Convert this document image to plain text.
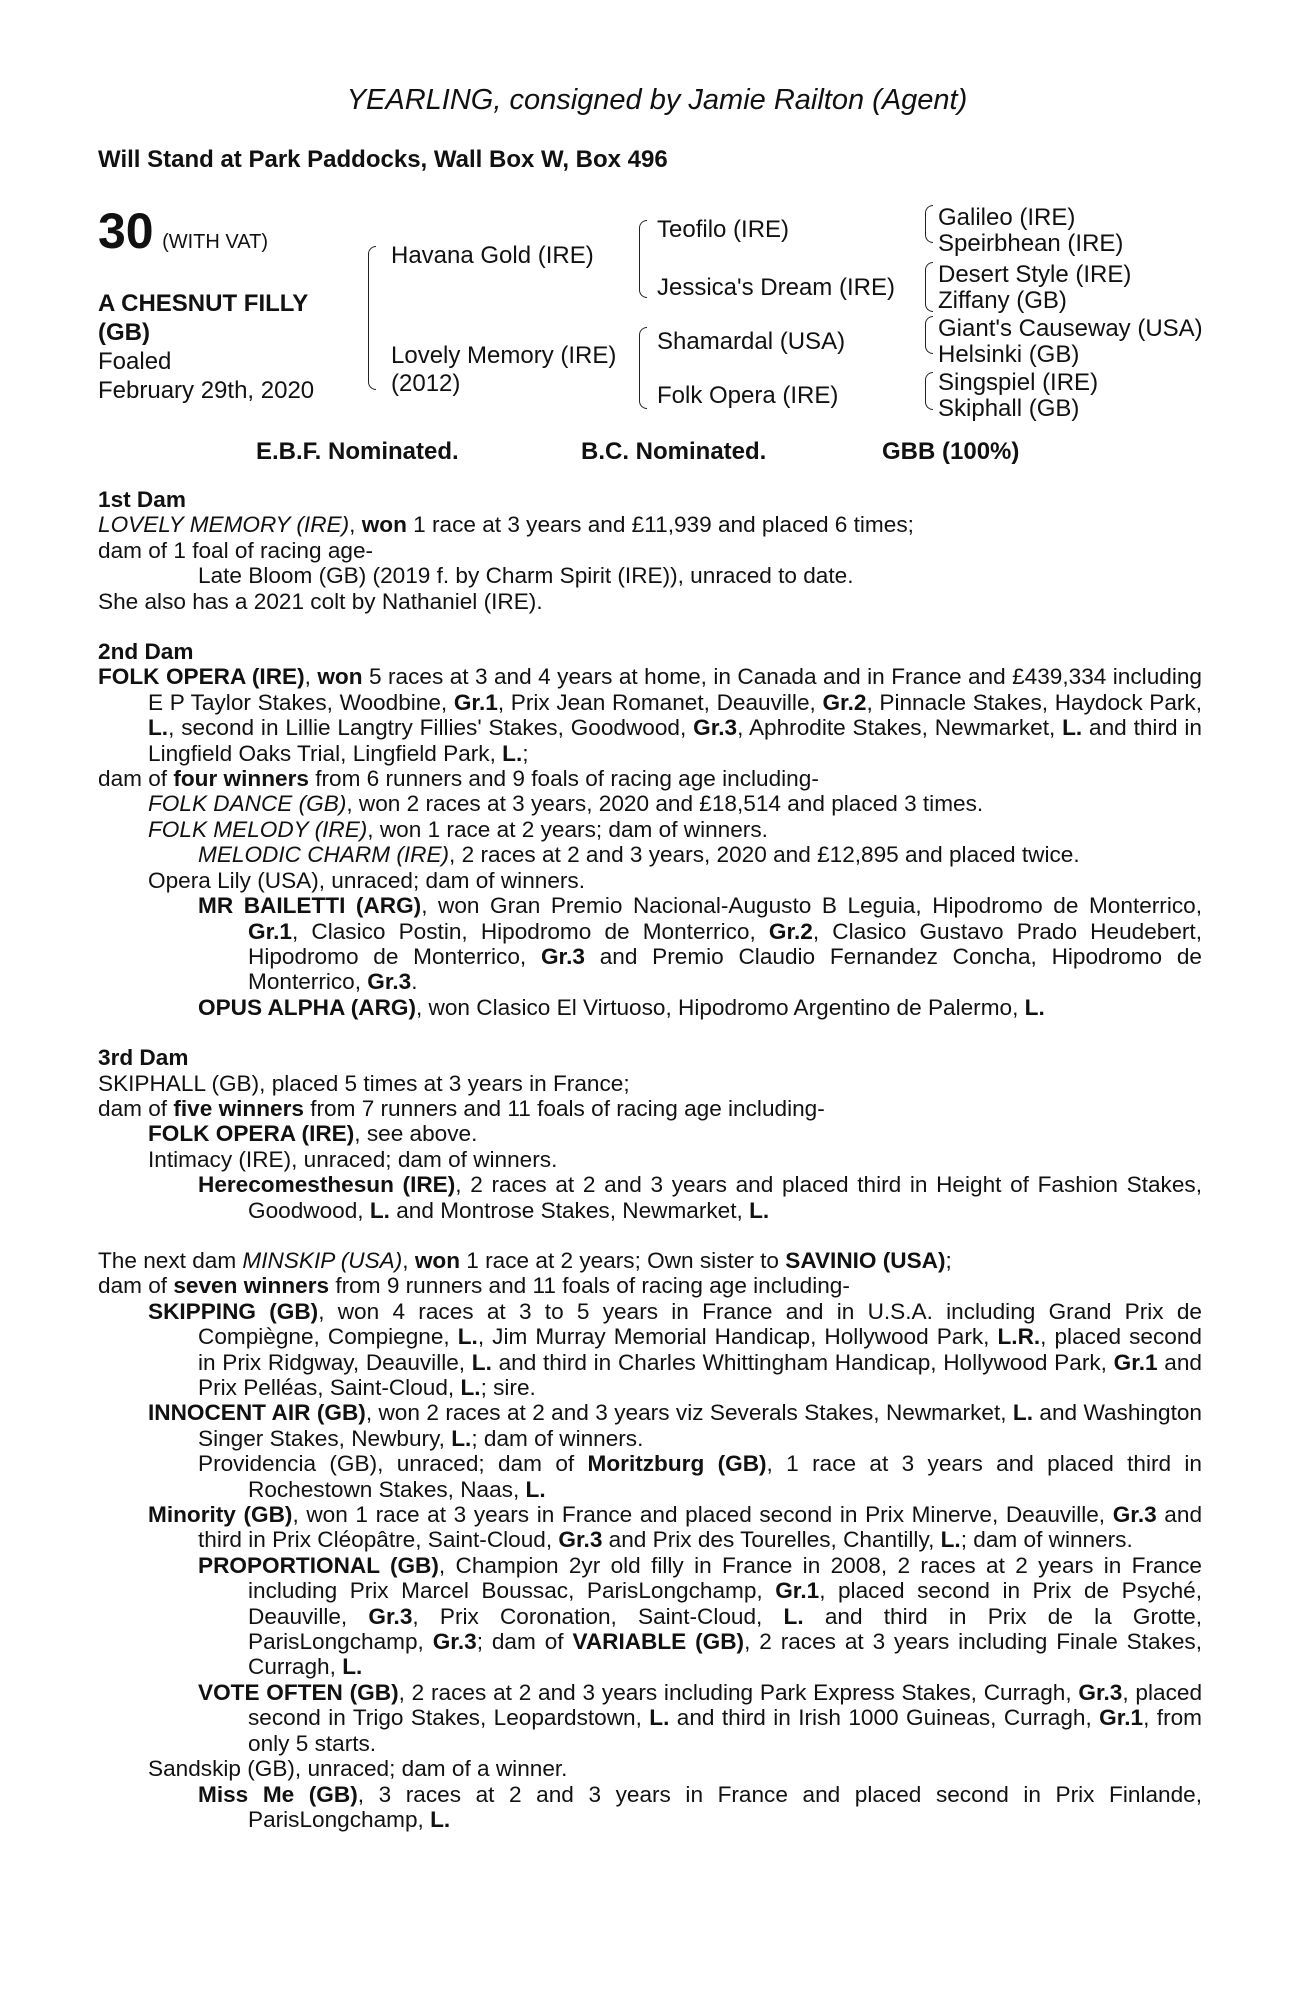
YEARLING, consigned by Jamie Railton (Agent)
Will Stand at Park Paddocks, Wall Box W, Box 496
30 (WITH VAT)
A CHESNUT FILLY
(GB)
Foaled
February 29th, 2020
Havana Gold (IRE)
Lovely Memory (IRE)
(2012)
Teofilo (IRE)
Jessica's Dream (IRE)
Shamardal (USA)
Folk Opera (IRE)
Galileo (IRE)
Speirbhean (IRE)
Desert Style (IRE)
Ziffany (GB)
Giant's Causeway (USA)
Helsinki (GB)
Singspiel (IRE)
Skiphall (GB)
E.B.F. Nominated.	B.C. Nominated.	GBB (100%)
1st Dam
LOVELY MEMORY (IRE), won 1 race at 3 years and £11,939 and placed 6 times;
dam of 1 foal of racing age-
Late Bloom (GB) (2019 f. by Charm Spirit (IRE)), unraced to date.
She also has a 2021 colt by Nathaniel (IRE).
2nd Dam
FOLK OPERA (IRE), won 5 races at 3 and 4 years at home, in Canada and in France and £439,334 including E P Taylor Stakes, Woodbine, Gr.1, Prix Jean Romanet, Deauville, Gr.2, Pinnacle Stakes, Haydock Park, L., second in Lillie Langtry Fillies' Stakes, Goodwood, Gr.3, Aphrodite Stakes, Newmarket, L. and third in Lingfield Oaks Trial, Lingfield Park, L.;
dam of four winners from 6 runners and 9 foals of racing age including-
FOLK DANCE (GB), won 2 races at 3 years, 2020 and £18,514 and placed 3 times.
FOLK MELODY (IRE), won 1 race at 2 years; dam of winners.
MELODIC CHARM (IRE), 2 races at 2 and 3 years, 2020 and £12,895 and placed twice.
Opera Lily (USA), unraced; dam of winners.
MR BAILETTI (ARG), won Gran Premio Nacional-Augusto B Leguia, Hipodromo de Monterrico, Gr.1, Clasico Postin, Hipodromo de Monterrico, Gr.2, Clasico Gustavo Prado Heudebert, Hipodromo de Monterrico, Gr.3 and Premio Claudio Fernandez Concha, Hipodromo de Monterrico, Gr.3.
OPUS ALPHA (ARG), won Clasico El Virtuoso, Hipodromo Argentino de Palermo, L.
3rd Dam
SKIPHALL (GB), placed 5 times at 3 years in France;
dam of five winners from 7 runners and 11 foals of racing age including-
FOLK OPERA (IRE), see above.
Intimacy (IRE), unraced; dam of winners.
Herecomesthesun (IRE), 2 races at 2 and 3 years and placed third in Height of Fashion Stakes, Goodwood, L. and Montrose Stakes, Newmarket, L.
The next dam MINSKIP (USA), won 1 race at 2 years; Own sister to SAVINIO (USA);
dam of seven winners from 9 runners and 11 foals of racing age including-
SKIPPING (GB), won 4 races at 3 to 5 years in France and in U.S.A. including Grand Prix de Compiègne, Compiegne, L., Jim Murray Memorial Handicap, Hollywood Park, L.R., placed second in Prix Ridgway, Deauville, L. and third in Charles Whittingham Handicap, Hollywood Park, Gr.1 and Prix Pelléas, Saint-Cloud, L.; sire.
INNOCENT AIR (GB), won 2 races at 2 and 3 years viz Severals Stakes, Newmarket, L. and Washington Singer Stakes, Newbury, L.; dam of winners.
Providencia (GB), unraced; dam of Moritzburg (GB), 1 race at 3 years and placed third in Rochestown Stakes, Naas, L.
Minority (GB), won 1 race at 3 years in France and placed second in Prix Minerve, Deauville, Gr.3 and third in Prix Cléopâtre, Saint-Cloud, Gr.3 and Prix des Tourelles, Chantilly, L.; dam of winners.
PROPORTIONAL (GB), Champion 2yr old filly in France in 2008, 2 races at 2 years in France including Prix Marcel Boussac, ParisLongchamp, Gr.1, placed second in Prix de Psyché, Deauville, Gr.3, Prix Coronation, Saint-Cloud, L. and third in Prix de la Grotte, ParisLongchamp, Gr.3; dam of VARIABLE (GB), 2 races at 3 years including Finale Stakes, Curragh, L.
VOTE OFTEN (GB), 2 races at 2 and 3 years including Park Express Stakes, Curragh, Gr.3, placed second in Trigo Stakes, Leopardstown, L. and third in Irish 1000 Guineas, Curragh, Gr.1, from only 5 starts.
Sandskip (GB), unraced; dam of a winner.
Miss Me (GB), 3 races at 2 and 3 years in France and placed second in Prix Finlande, ParisLongchamp, L.
